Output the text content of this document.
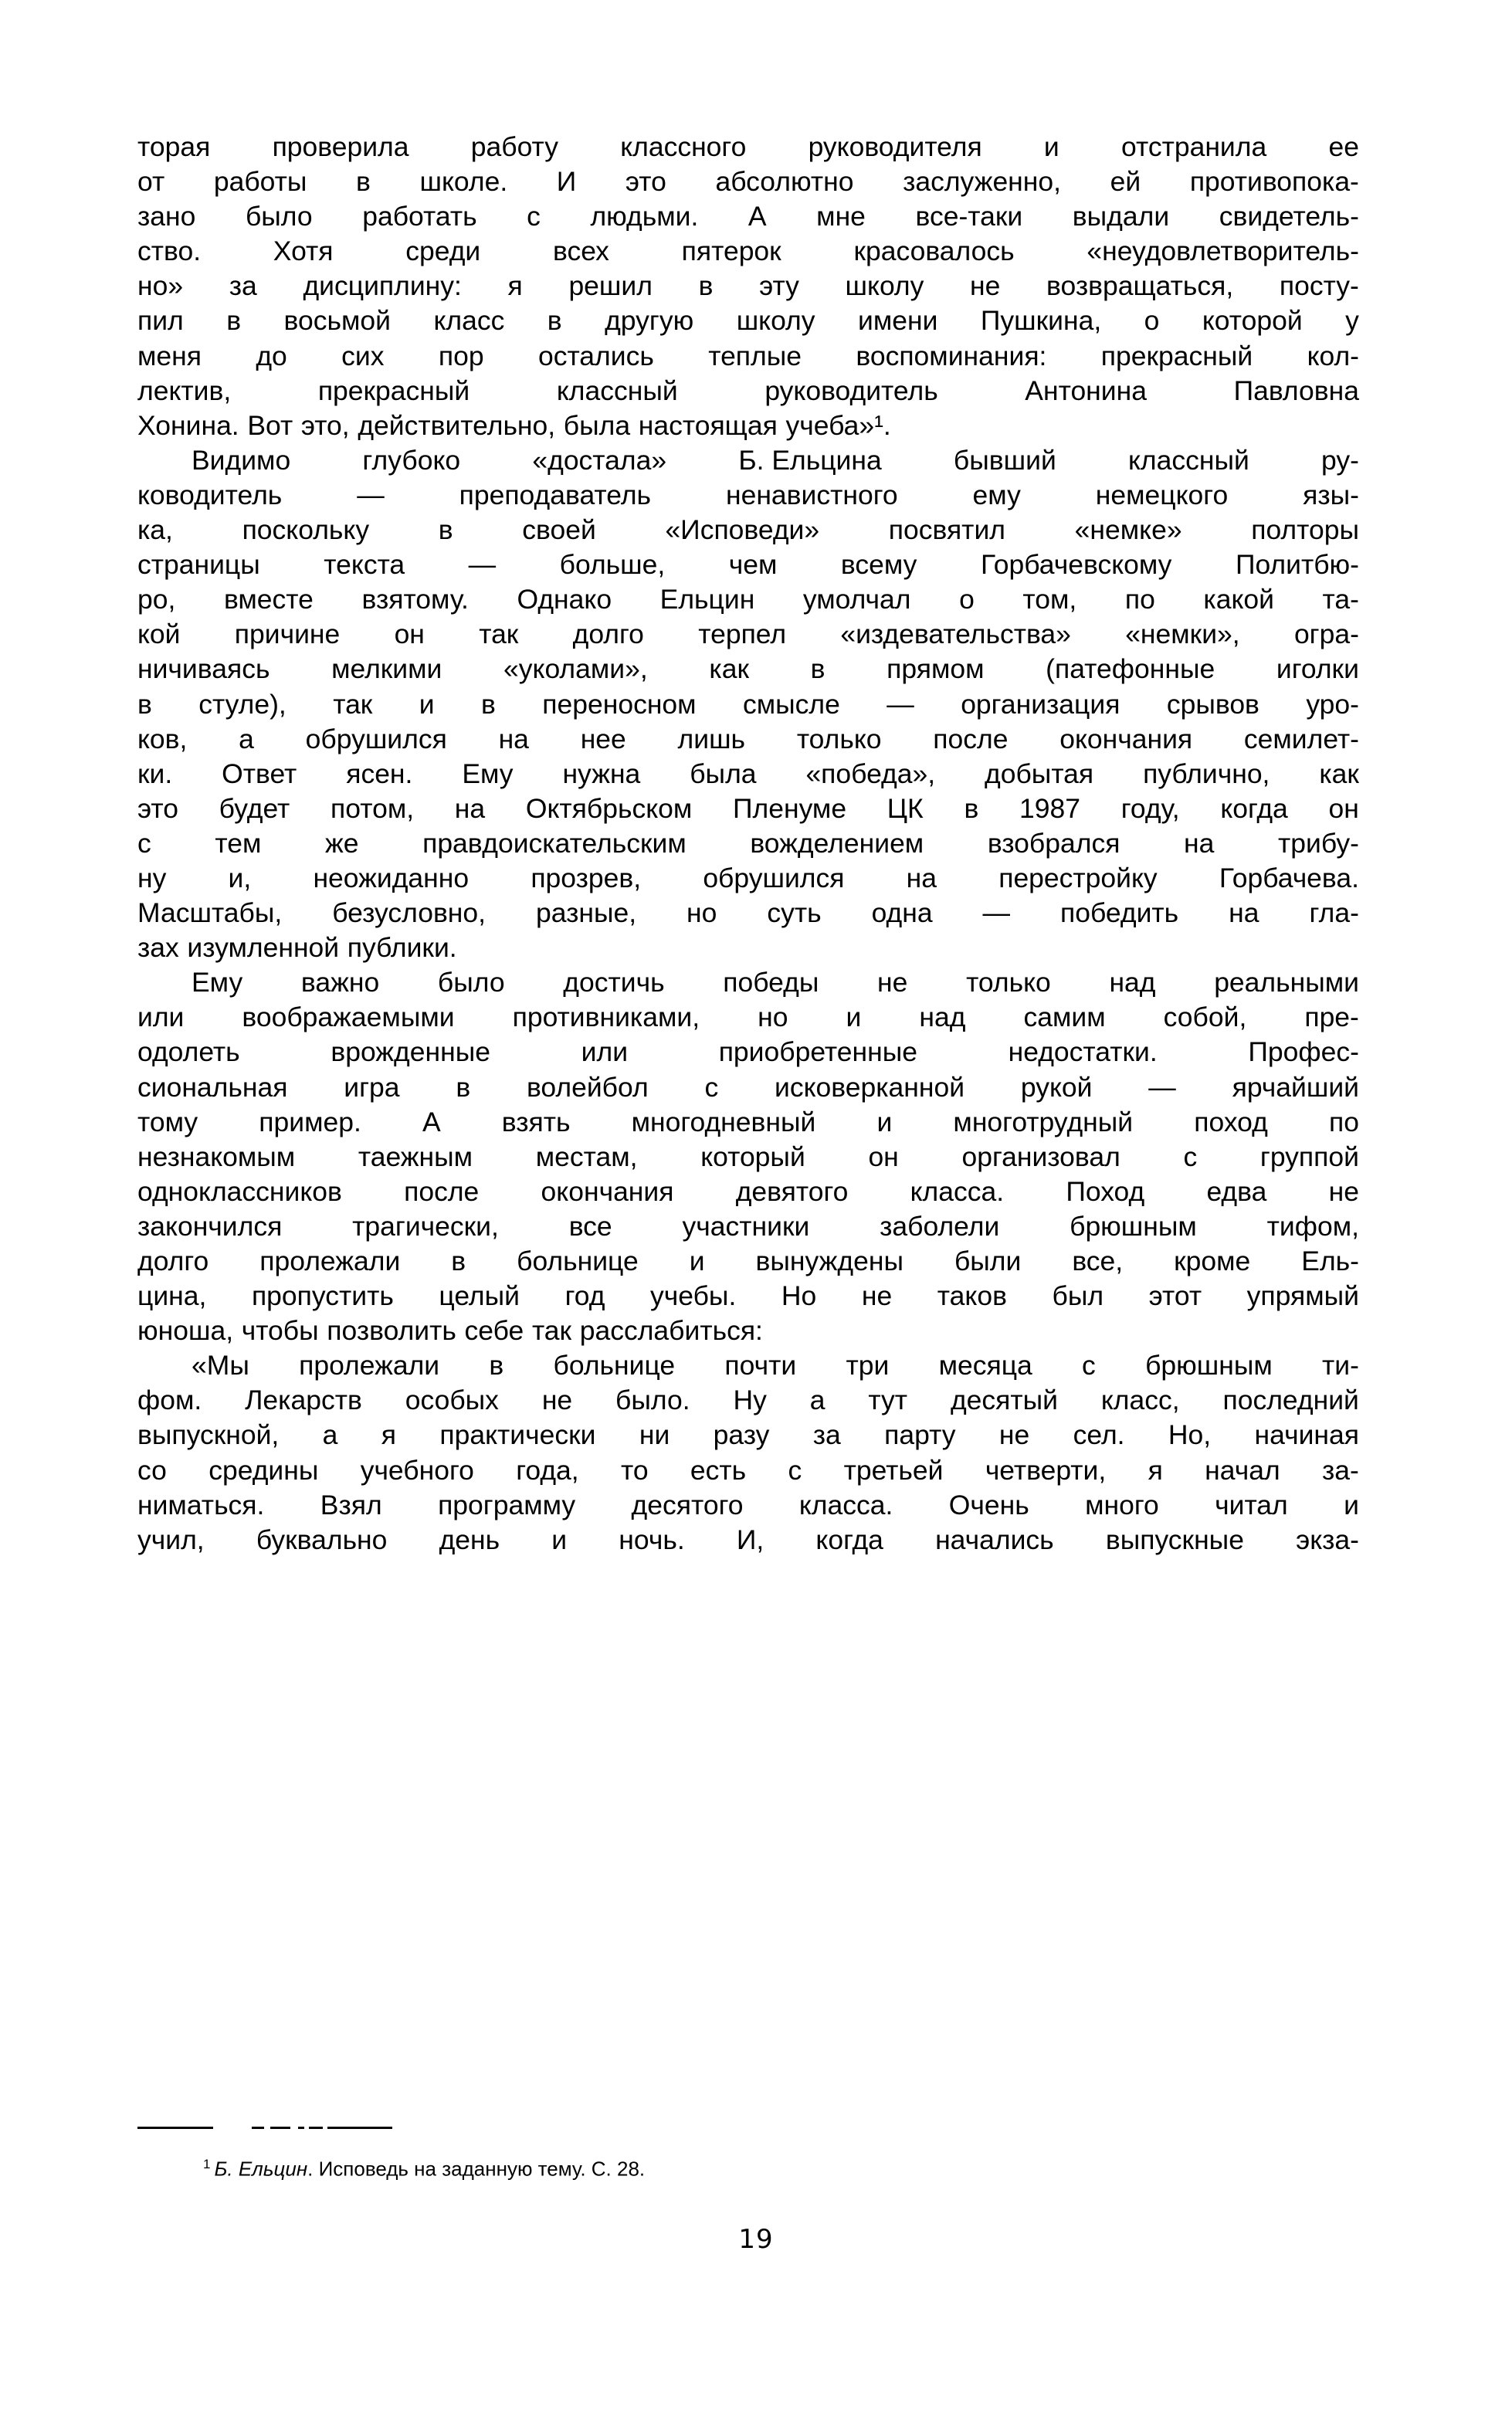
торая проверила работу классного руководителя и отстранила ее
от работы в школе. И это абсолютно заслуженно, ей противопока-
зано было работать с людьми. А мне все-таки выдали свидетель-
ство.	Хотя	среди	всех	пятерок	красовалось	«неудовлетворитель-
но» за дисциплину: я решил в эту школу не возвращаться, посту-
пил в восьмой класс в другую школу имени Пушкина, о которой у
меня до сих пор остались теплые воспоминания: прекрасный кол-
лектив,	прекрасный	классный	руководитель	Антонина	Павловна
Хонина. Вот это, действительно, была настоящая учеба»¹.
Видимо	глубоко	«достала»	Б. Ельцина	бывший	классный	ру-
ководитель	—	преподаватель	ненавистного	ему	немецкого	язы-
ка,	поскольку	в	своей	«Исповеди»	посвятил	«немке»	полторы
страницы текста — больше, чем всему Горбачевскому Политбю-
ро, вместе взятому. Однако Ельцин умолчал о том, по какой та-
кой причине он так долго терпел «издевательства» «немки», огра-
ничиваясь мелкими «уколами», как в прямом (патефонные иголки
в стуле), так и в переносном смысле — организация срывов уро-
ков, а обрушился на нее лишь только после окончания семилет-
ки. Ответ ясен. Ему нужна была «победа», добытая публично, как
это будет потом, на Октябрьском Пленуме ЦК в 1987 году, когда он
с тем же правдоискательским вожделением взобрался на трибу-
ну и, неожиданно прозрев, обрушился на перестройку Горбачева.
Масштабы, безусловно, разные, но суть одна — победить на гла-
зах изумленной публики.
Ему важно было достичь победы не только над реальными
или воображаемыми противниками, но и над самим собой, пре-
одолеть	врожденные	или	приобретенные	недостатки.	Профес-
сиональная игра в волейбол с исковерканной рукой — ярчайший
тому пример. А взять многодневный и многотрудный поход по
незнакомым таежным местам, который он организовал с группой
одноклассников после окончания девятого класса. Поход едва не
закончился	трагически,	все	участники	заболели	брюшным	тифом,
долго пролежали в больнице и вынуждены были все, кроме Ель-
цина, пропустить целый год учебы. Но не таков был этот упрямый
юноша, чтобы позволить себе так расслабиться:
«Мы пролежали в больнице почти три месяца с брюшным ти-
фом. Лекарств особых не было. Ну а тут десятый класс, последний
выпускной, а я практически ни разу за парту не сел. Но, начиная
со средины учебного года, то есть с третьей четверти, я начал за-
ниматься. Взял программу десятого класса. Очень много читал и
учил, буквально день и ночь. И, когда начались выпускные экза-
$^1$ Б. Ельцин. Исповедь на заданную тему. С. 28.
19
